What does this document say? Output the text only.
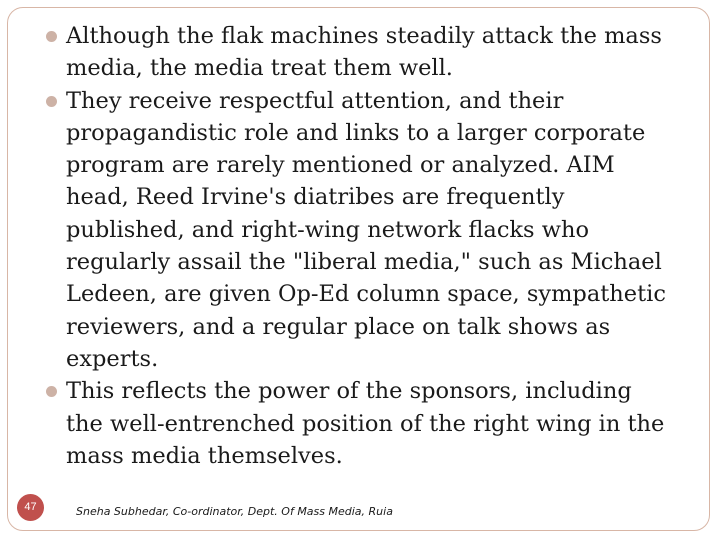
Although the flak machines steadily attack the mass media, the media treat them well.
They receive respectful attention, and their propagandistic role and links to a larger corporate program are rarely mentioned or analyzed. AIM head, Reed Irvine's diatribes are frequently published, and right-wing network flacks who regularly assail the "liberal media," such as Michael Ledeen, are given Op-Ed column space, sympathetic reviewers, and a regular place on talk shows as experts.
This reflects the power of the sponsors, including the well-entrenched position of the right wing in the mass media themselves.
47	Sneha Subhedar, Co-ordinator, Dept. Of Mass Media, Ruia
